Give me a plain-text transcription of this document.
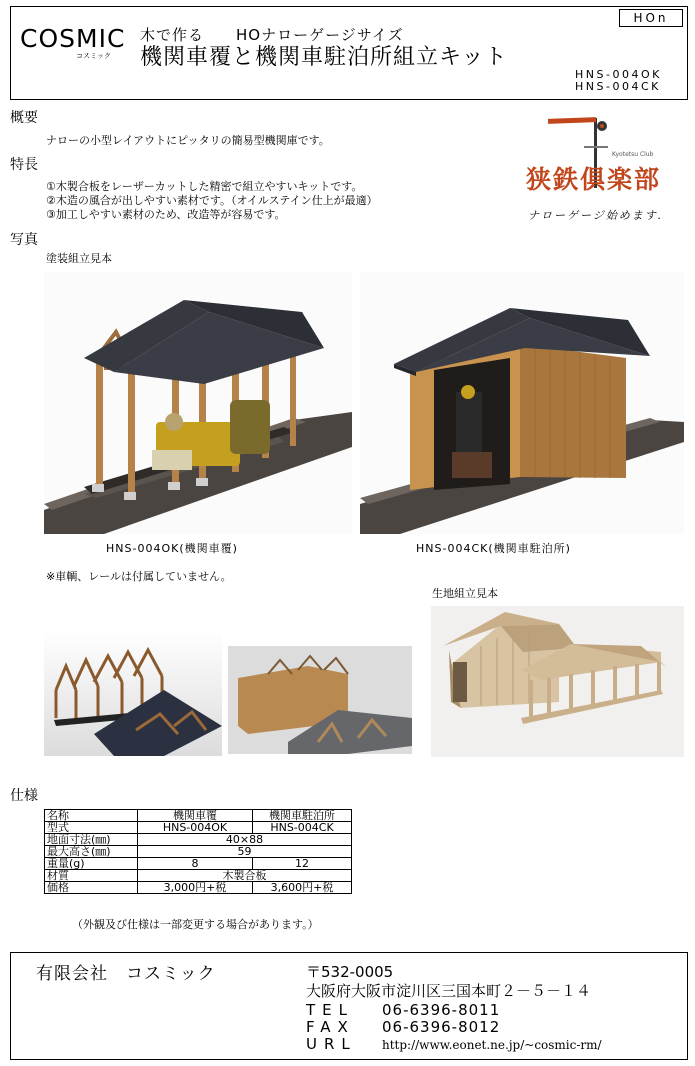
COSMIC
コスミック
木で作る　　HOナローゲージサイズ
機関車覆と機関車駐泊所組立キット
HOn
HNS-004OK
HNS-004CK
概要
ナローの小型レイアウトにピッタリの簡易型機関庫です。
特長
①木製合板をレーザーカットした精密で組立やすいキットです。
②木造の風合が出しやすい素材です。（オイルステイン仕上が最適）
③加工しやすい素材のため、改造等が容易です。
Kyotetsu Club
狭鉄倶楽部
ナローゲージ始めます.
写真
塗装組立見本
HNS-004OK(機関車覆)	HNS-004CK(機関車駐泊所)
※車輌、レールは付属していません。
生地組立見本
仕様
名称	機関車覆	機関車駐泊所
型式	HNS-004OK	HNS-004CK
地面寸法(㎜)	40×88	
最大高さ(㎜)	59	
重量(g)	8	12
材質	木製合板	
価格	3,000円+税	3,600円+税
（外観及び仕様は一部変更する場合があります。）
有限会社　コスミック	〒532-0005
大阪府大阪市淀川区三国本町２－５－１４
TEL 06-6396-8011
FAX 06-6396-8012
URL http://www.eonet.ne.jp/~cosmic-rm/
